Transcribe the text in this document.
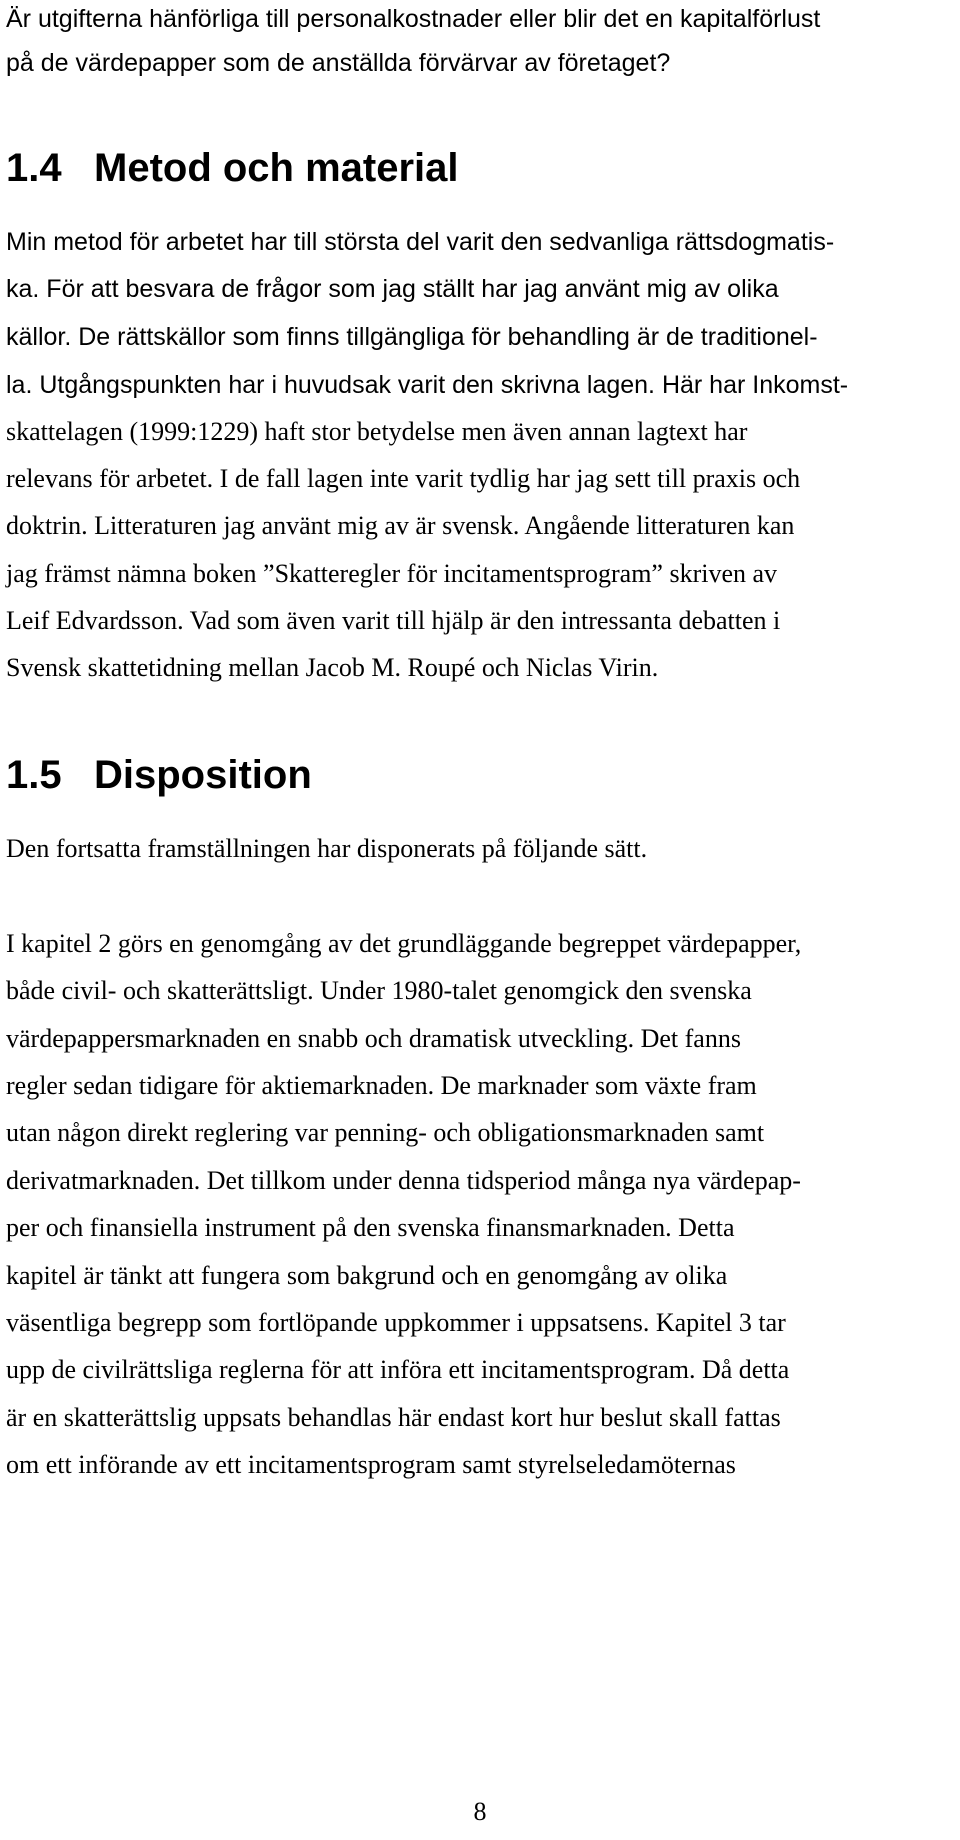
Är utgifterna hänförliga till personalkostnader eller blir det en kapitalförlust
på de värdepapper som de anställda förvärvar av företaget?
1.4 Metod och material
Min metod för arbetet har till största del varit den sedvanliga rättsdogmatis-
ka. För att besvara de frågor som jag ställt har jag använt mig av olika
källor. De rättskällor som finns tillgängliga för behandling är de traditionel-
la. Utgångspunkten har i huvudsak varit den skrivna lagen. Här har Inkomst-
skattelagen (1999:1229) haft stor betydelse men även annan lagtext har
relevans för arbetet. I de fall lagen inte varit tydlig har jag sett till praxis och
doktrin. Litteraturen jag använt mig av är svensk. Angående litteraturen kan
jag främst nämna boken ”Skatteregler för incitamentsprogram” skriven av
Leif Edvardsson. Vad som även varit till hjälp är den intressanta debatten i
Svensk skattetidning mellan Jacob M. Roupé och Niclas Virin.
1.5 Disposition
Den fortsatta framställningen har disponerats på följande sätt.
I kapitel 2 görs en genomgång av det grundläggande begreppet värdepapper,
både civil- och skatterättsligt. Under 1980-talet genomgick den svenska
värdepappersmarknaden en snabb och dramatisk utveckling. Det fanns
regler sedan tidigare för aktiemarknaden. De marknader som växte fram
utan någon direkt reglering var penning- och obligationsmarknaden samt
derivatmarknaden. Det tillkom under denna tidsperiod många nya värdepap-
per och finansiella instrument på den svenska finansmarknaden. Detta
kapitel är tänkt att fungera som bakgrund och en genomgång av olika
väsentliga begrepp som fortlöpande uppkommer i uppsatsens. Kapitel 3 tar
upp de civilrättsliga reglerna för att införa ett incitamentsprogram. Då detta
är en skatterättslig uppsats behandlas här endast kort hur beslut skall fattas
om ett införande av ett incitamentsprogram samt styrelseledamöternas
8
